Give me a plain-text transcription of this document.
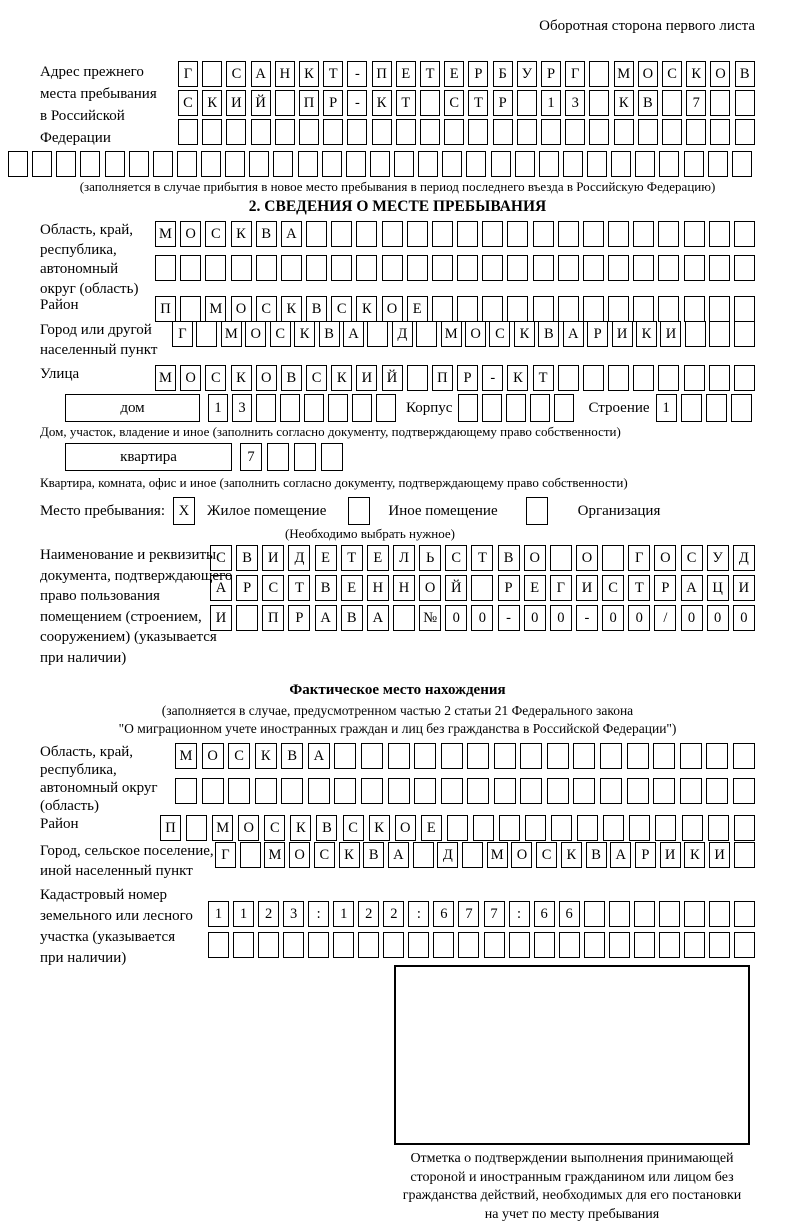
Оборотная сторона первого листа
Адрес прежнего
места пребывания
в Российской
Федерации
Г	С А Н К	Т	-	П	Е	Т	Е	Р	Б	У	Р	Г	М О С	К О В
С	К И Й	П	Р	-	К	Т	С	Т	Р	1	3	К	В	7
(заполняется в случае прибытия в новое место пребывания в период последнего въезда в Российскую Федерацию)
2. СВЕДЕНИЯ О МЕСТЕ ПРЕБЫВАНИЯ
Область, край,
республика,
автономный
округ (область)
М О	С	К	В	А
Район	П	М О	С	К	В	С	К	О	Е
Город или другой
населенный пункт
Г	М О С	К	В А	Д	М О С	К	В А	Р	И К И
Улица	М О	С	К	О	В	С	К	И	Й	П	Р	-	К	Т
дом	1	3	Корпус	Строение 1
Дом, участок, владение и иное (заполнить согласно документу, подтверждающему право собственности)
квартира	7
Квартира, комната, офис и иное (заполнить согласно документу, подтверждающему право собственности)
Место пребывания: X	Жилое помещение	Иное помещение	Организация
(Необходимо выбрать нужное)
Наименование и реквизиты
документа, подтверждающего
право пользования
помещением (строением,
сооружением) (указывается
при наличии)
С	В	И	Д	Е	Т	Е	Л	Ь	С	Т	В	О	О	Г	О	С	У	Д
А	Р	С	Т	В	Е	Н	Н	О	Й	Р	Е	Г	И	С	Т	Р	А	Ц	И
И	П	Р	А	В	А	№	0	0	-	0	0	-	0	0	/	0	0	0
Фактическое место нахождения
(заполняется в случае, предусмотренном частью 2 статьи 21 Федерального закона
"О миграционном учете иностранных граждан и лиц без гражданства в Российской Федерации")
Область, край,
республика,
автономный округ
(область)
М	О	С	К	В	А
Район	П	М О	С	К	В	С	К	О	Е
Город, сельское поселение,
иной населенный пункт
Г	М О	С	К	В	А	Д	М О	С	К	В	А	Р	И	К	И
Кадастровый номер
земельного или лесного
участка (указывается
при наличии)
1	1	2	3	:	1	2	2	:	6	7	7	:	6	6
Отметка о подтверждении выполнения принимающей
стороной и иностранным гражданином или лицом без
гражданства действий, необходимых для его постановки
на учет по месту пребывания
